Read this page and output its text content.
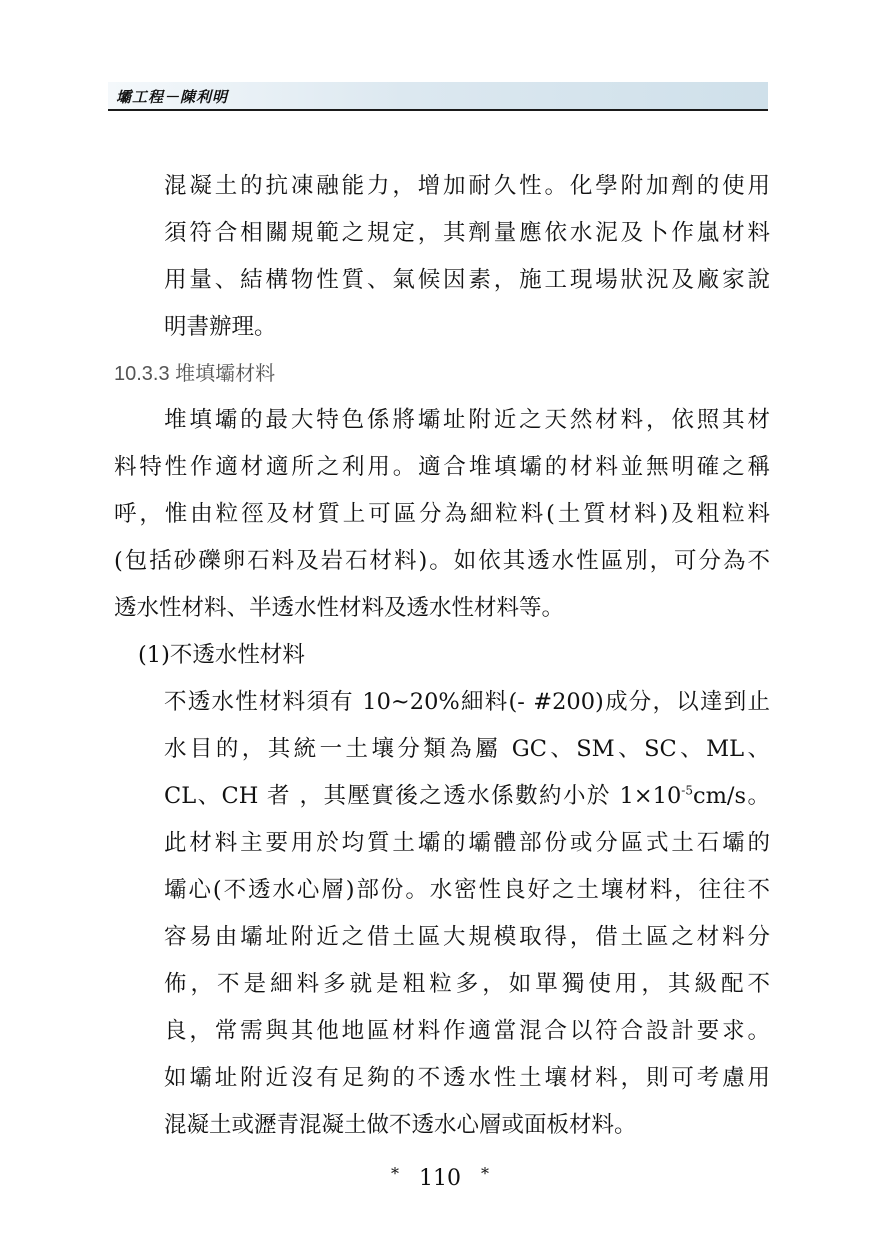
壩工程－陳利明

混凝土的抗凍融能力，增加耐久性。化學附加劑的使用

須符合相關規範之規定，其劑量應依水泥及卜作嵐材料

用量、結構物性質、氣候因素，施工現場狀況及廠家說

明書辦理。

10.3.3 堆填壩材料

堆填壩的最大特色係將壩址附近之天然材料，依照其材

料特性作適材適所之利用。適合堆填壩的材料並無明確之稱

呼，惟由粒徑及材質上可區分為細粒料(土質材料)及粗粒料

(包括砂礫卵石料及岩石材料)。如依其透水性區別，可分為不

透水性材料、半透水性材料及透水性材料等。

(1)不透水性材料

不透水性材料須有 10~20%細料(- #200)成分，以達到止

水目的，其統一土壤分類為屬 GC、SM、SC、ML、

CL、CH 者 ，其壓實後之透水係數約小於 $1\times 10^{-5}cm/s$。

此材料主要用於均質土壩的壩體部份或分區式土石壩的

壩心(不透水心層)部份。水密性良好之土壤材料，往往不

容易由壩址附近之借土區大規模取得，借土區之材料分

佈，不是細料多就是粗粒多，如單獨使用，其級配不

良，常需與其他地區材料作適當混合以符合設計要求。

如壩址附近沒有足夠的不透水性土壤材料，則可考慮用

混凝土或瀝青混凝土做不透水心層或面板材料。

* 110 *
